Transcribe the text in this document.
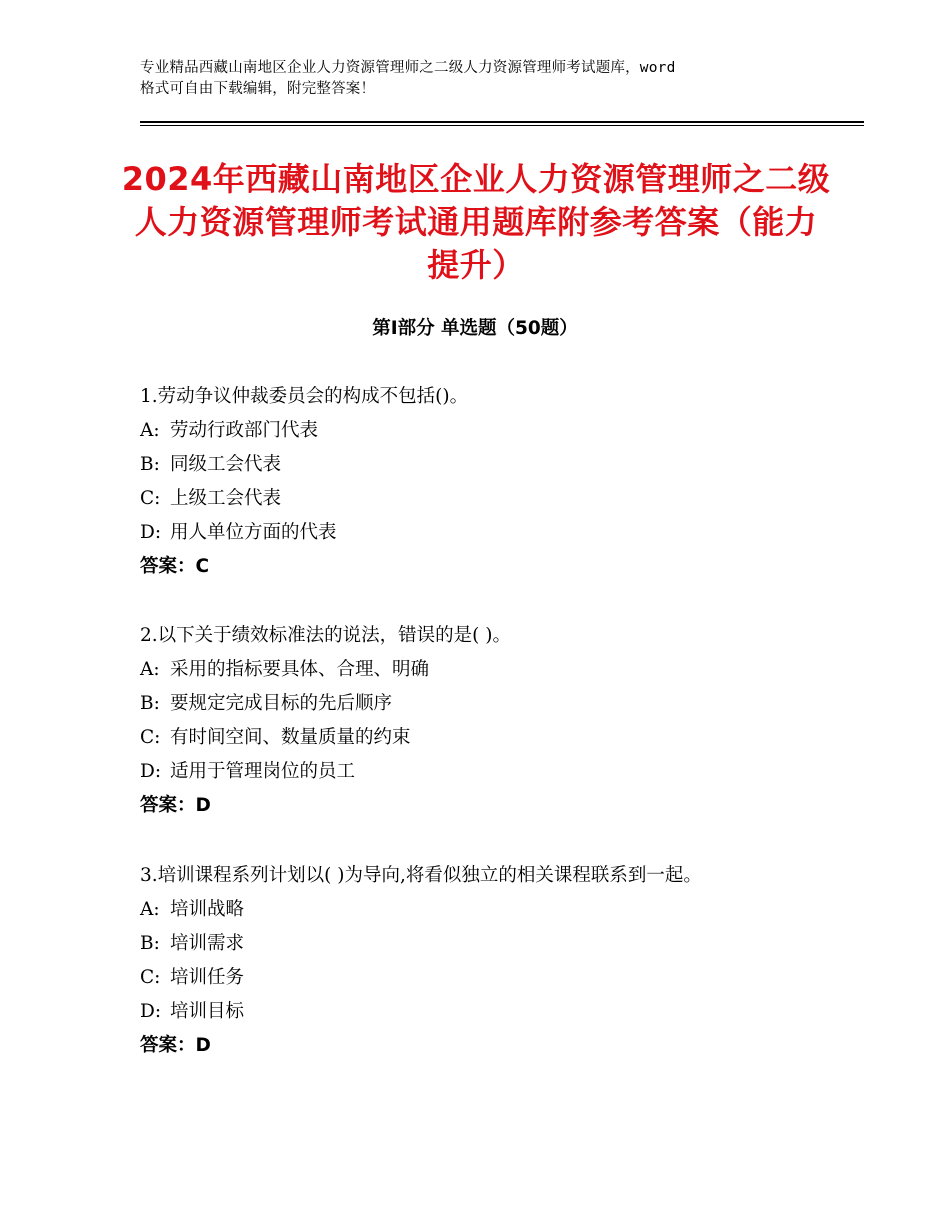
专业精品西藏山南地区企业人力资源管理师之二级人力资源管理师考试题库，word
格式可自由下载编辑，附完整答案！
2024年西藏山南地区企业人力资源管理师之二级人力资源管理师考试通用题库附参考答案（能力提升）
第Ⅰ部分 单选题（50题）

1.劳动争议仲裁委员会的构成不包括()。

A: 劳动行政部门代表

B: 同级工会代表

C: 上级工会代表

D: 用人单位方面的代表

答案：C

2.以下关于绩效标准法的说法，错误的是( )。

A: 采用的指标要具体、合理、明确

B: 要规定完成目标的先后顺序

C: 有时间空间、数量质量的约束

D: 适用于管理岗位的员工

答案：D

3.培训课程系列计划以( )为导向,将看似独立的相关课程联系到一起。

A: 培训战略

B: 培训需求

C: 培训任务

D: 培训目标

答案：D
